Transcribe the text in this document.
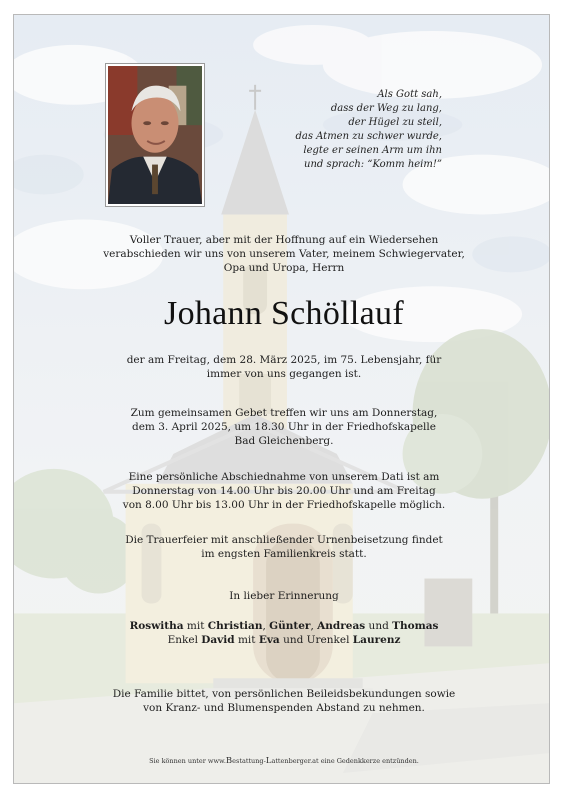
Als Gott sah,
dass der Weg zu lang,
der Hügel zu steil,
das Atmen zu schwer wurde,
legte er seinen Arm um ihn
und sprach: “Komm heim!”
Voller Trauer, aber mit der Hoffnung auf ein Wiedersehen
verabschieden wir uns von unserem Vater, meinem Schwiegervater,
Opa und Uropa, Herrn
Johann Schöllauf
der am Freitag, dem 28. März 2025, im 75. Lebensjahr, für
immer von uns gegangen ist.
Zum gemeinsamen Gebet treffen wir uns am Donnerstag,
dem 3. April 2025, um 18.30 Uhr in der Friedhofskapelle
Bad Gleichenberg.
Eine persönliche Abschiednahme von unserem Dati ist am
Donnerstag von 14.00 Uhr bis 20.00 Uhr und am Freitag
von 8.00 Uhr bis 13.00 Uhr in der Friedhofskapelle möglich.
Die Trauerfeier mit anschließender Urnenbeisetzung findet
im engsten Familienkreis statt.
In lieber Erinnerung
Roswitha mit Christian, Günter, Andreas und Thomas
Enkel David mit Eva und Urenkel Laurenz
Die Familie bittet, von persönlichen Beileidsbekundungen sowie
von Kranz- und Blumenspenden Abstand zu nehmen.
Sie können unter www.Bestattung-Lattenberger.at eine Gedenkkerze entzünden.
